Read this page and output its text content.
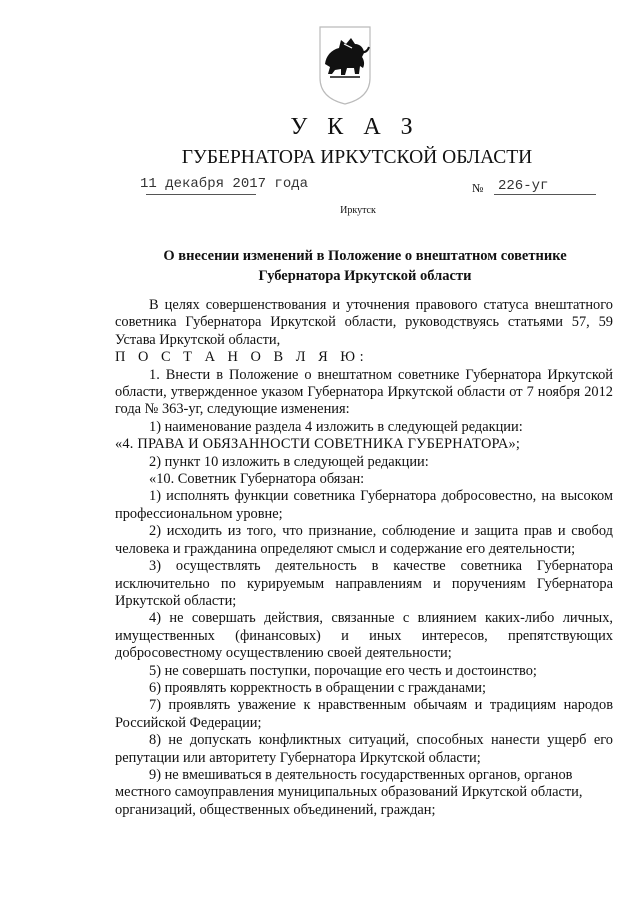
У К А З
ГУБЕРНАТОРА ИРКУТСКОЙ ОБЛАСТИ
11 декабря 2017 года	№ 226-уг
Иркутск
О внесении изменений в Положение о внештатном советнике
Губернатора Иркутской области

В целях совершенствования и уточнения правового статуса внештатного советника Губернатора Иркутской области, руководствуясь статьями 57, 59 Устава Иркутской области,

П О С Т А Н О В Л Я Ю:

1. Внести в Положение о внештатном советнике Губернатора Иркутской области, утвержденное указом Губернатора Иркутской области от 7 ноября 2012 года № 363-уг, следующие изменения:

1) наименование раздела 4 изложить в следующей редакции:

«4. ПРАВА И ОБЯЗАННОСТИ СОВЕТНИКА ГУБЕРНАТОРА»;

2) пункт 10 изложить в следующей редакции:

«10. Советник Губернатора обязан:

1) исполнять функции советника Губернатора добросовестно, на высоком профессиональном уровне;

2) исходить из того, что признание, соблюдение и защита прав и свобод человека и гражданина определяют смысл и содержание его деятельности;

3) осуществлять деятельность в качестве советника Губернатора исключительно по курируемым направлениям и поручениям Губернатора Иркутской области;

4) не совершать действия, связанные с влиянием каких-либо личных, имущественных (финансовых) и иных интересов, препятствующих добросовестному осуществлению своей деятельности;

5) не совершать поступки, порочащие его честь и достоинство;

6) проявлять корректность в обращении с гражданами;

7) проявлять уважение к нравственным обычаям и традициям народов Российской Федерации;

8) не допускать конфликтных ситуаций, способных нанести ущерб его репутации или авторитету Губернатора Иркутской области;

9) не вмешиваться в деятельность государственных органов, органов местного самоуправления муниципальных образований Иркутской области, организаций, общественных объединений, граждан;
